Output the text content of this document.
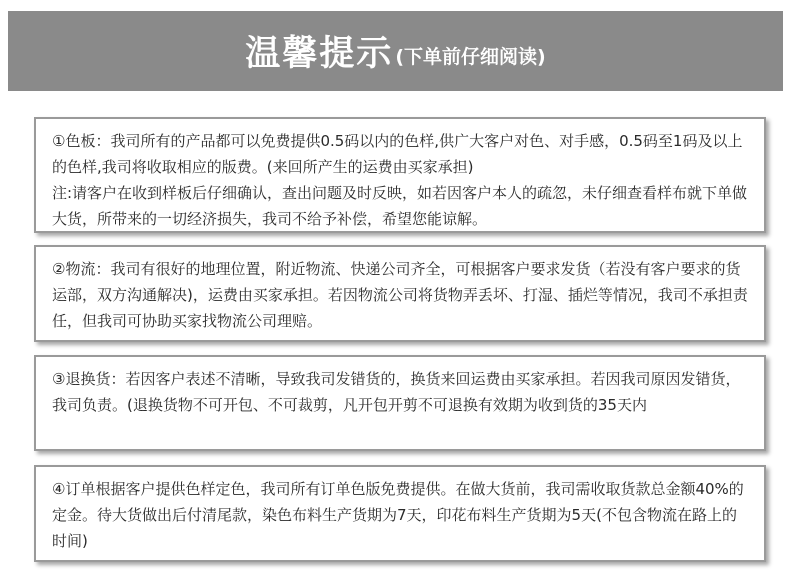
温馨提示 (下单前仔细阅读)

①色板：我司所有的产品都可以免费提供0.5码以内的色样,供广大客户对色、对手感，0.5码至1码及以上的色样,我司将收取相应的版费。(来回所产生的运费由买家承担)

注:请客户在收到样板后仔细确认，查出问题及时反映，如若因客户本人的疏忽，未仔细查看样布就下单做大货，所带来的一切经济损失，我司不给予补偿，希望您能谅解。

②物流：我司有很好的地理位置，附近物流、快递公司齐全，可根据客户要求发货（若没有客户要求的货运部，双方沟通解决)，运费由买家承担。若因物流公司将货物弄丢坏、打湿、插烂等情况，我司不承担责任，但我司可协助买家找物流公司理赔。

③退换货：若因客户表述不清晰，导致我司发错货的，换货来回运费由买家承担。若因我司原因发错货，我司负责。(退换货物不可开包、不可裁剪，凡开包开剪不可退换有效期为收到货的35天内

④订单根据客户提供色样定色，我司所有订单色版免费提供。在做大货前，我司需收取货款总金额40%的定金。待大货做出后付清尾款，染色布料生产货期为7天，印花布料生产货期为5天(不包含物流在路上的时间)
